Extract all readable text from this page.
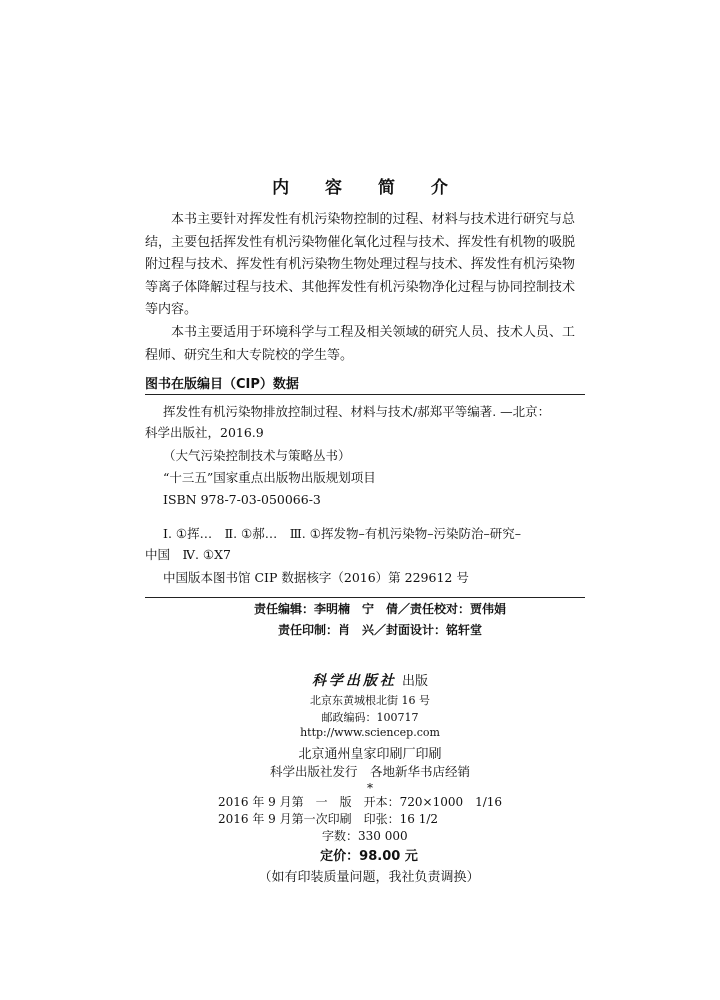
内 容 简 介

本书主要针对挥发性有机污染物控制的过程、材料与技术进行研究与总结，主要包括挥发性有机污染物催化氧化过程与技术、挥发性有机物的吸脱附过程与技术、挥发性有机污染物生物处理过程与技术、挥发性有机污染物等离子体降解过程与技术、其他挥发性有机污染物净化过程与协同控制技术等内容。

本书主要适用于环境科学与工程及相关领域的研究人员、技术人员、工程师、研究生和大专院校的学生等。

图书在版编目（CIP）数据

挥发性有机污染物排放控制过程、材料与技术/郝郑平等编著. —北京：

科学出版社，2016.9

（大气污染控制技术与策略丛书）

“十三五”国家重点出版物出版规划项目

ISBN 978-7-03-050066-3

Ⅰ. ①挥…　Ⅱ. ①郝…　Ⅲ. ①挥发物–有机污染物–污染防治–研究–

中国　Ⅳ. ①X7

中国版本图书馆 CIP 数据核字（2016）第 229612 号

责任编辑：李明楠　宁　倩／责任校对：贾伟娟
责任印制：肖　兴／封面设计：铭轩堂
科学出版社 出版
北京东黄城根北街 16 号
邮政编码：100717
http://www.sciencep.com
北京通州皇家印刷厂印刷
科学出版社发行　各地新华书店经销
*
2016 年 9 月第　一　版　开本：720×1000　1/16
2016 年 9 月第一次印刷　印张：16 1/2
字数：330 000
定价：98.00 元
（如有印装质量问题，我社负责调换）
